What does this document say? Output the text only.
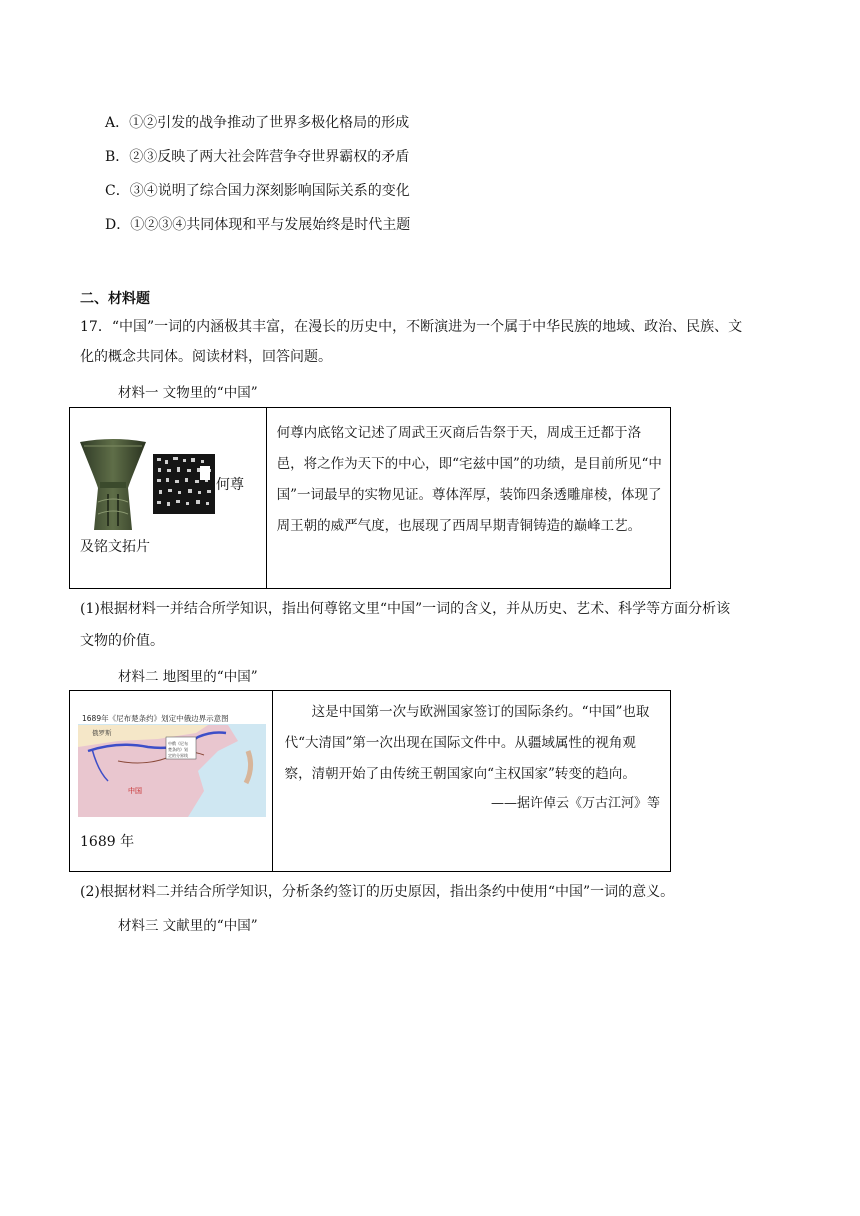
A．①②引发的战争推动了世界多极化格局的形成
B．②③反映了两大社会阵营争夺世界霸权的矛盾
C．③④说明了综合国力深刻影响国际关系的变化
D．①②③④共同体现和平与发展始终是时代主题
二、材料题
17．“中国”一词的内涵极其丰富，在漫长的历史中，不断演进为一个属于中华民族的地域、政治、民族、文
化的概念共同体。阅读材料，回答问题。
材料一 文物里的“中国”
何尊
及铭文拓片

何尊内底铭文记述了周武王灭商后告祭于天，周成王迁都于洛邑，将之作为天下的中心，即“宅兹中国”的功绩，是目前所见“中国”一词最早的实物见证。尊体浑厚，装饰四条透雕扉棱，体现了周王朝的威严气度，也展现了西周早期青铜铸造的巅峰工艺。
(1)根据材料一并结合所学知识，指出何尊铭文里“中国”一词的含义，并从历史、艺术、科学等方面分析该
文物的价值。
材料二 地图里的“中国”
1689年《尼布楚条约》划定中俄边界示意图
俄罗斯
中国
中俄《尼布
楚条约》划
定的分界线
1689 年

这是中国第一次与欧洲国家签订的国际条约。“中国”也取代“大清国”第一次出现在国际文件中。从疆域属性的视角观察，清朝开始了由传统王朝国家向“主权国家”转变的趋向。
——据许倬云《万古江河》等
(2)根据材料二并结合所学知识，分析条约签订的历史原因，指出条约中使用“中国”一词的意义。
材料三 文献里的“中国”
